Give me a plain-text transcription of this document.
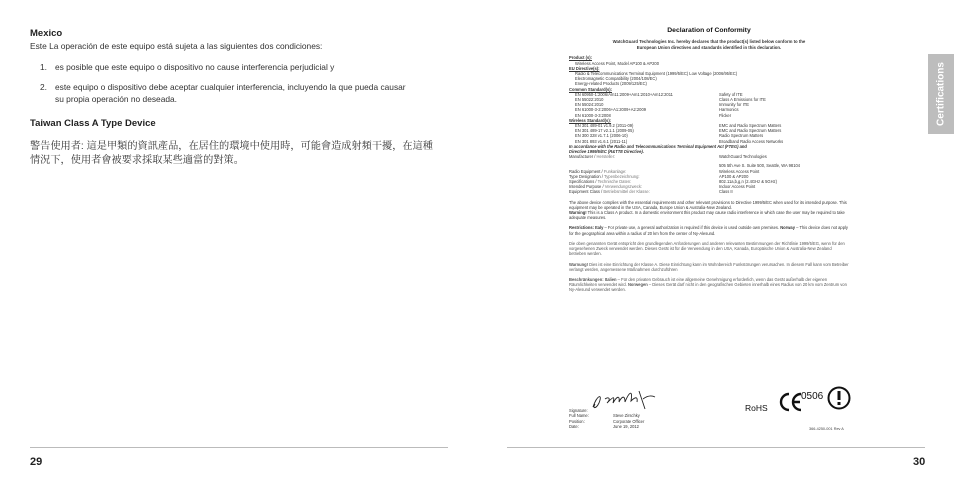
Mexico
Este La operación de este equipo está sujeta a las siguientes dos condiciones:
1. es posible que este equipo o dispositivo no cause interferencia perjudicial y
2. este equipo o dispositivo debe aceptar cualquier interferencia, incluyendo la que pueda causar
su propia operación no deseada.
Taiwan Class A Type Device
警告使用者: 這是甲類的資訊產品，在居住的環境中使用時，可能會造成射頻干擾，在這種
情況下，使用者會被要求採取某些適當的對策。
29
Certifications
Declaration of Conformity
WatchGuard Technologies Inc. hereby declares that the product(s) listed below conform to the
European Union directives and standards identified in this declaration.
Product (s):
Wireless Access Point, Model AP100 & AP200
EU Directive(s):
Radio & Telecommunications Terminal Equipment (1999/5/EC) Low Voltage (2006/95/EC)
Electromagnetic Compatibility (2004/108/EC)
Energy-related Products (2009/125/EC)
Common Standard(s):
EN 60950-1:2006/Am11:2009+Am1:2010+Am12:2011	Safety of ITE
EN 55022:2010	Class A Emissions for ITE
EN 55024:2010	Immunity for ITE
EN 61000-3-2:2006+A1:2009+A2:2009	Harmonics
EN 61000-3-3:2008	Flicker
Wireless Standard(s):
EN 301 489-01 v1.9.2 (2011-09)	EMC and Radio Spectrum Matters
EN 301 489-17 v2.1.1 (2009-05)	EMC and Radio Spectrum Matters
EN 300 328 v1.7.1 (2006-10)	Radio Spectrum Matters
EN 301 893 v1.6.1 (2011-11)	Broadband Radio Access Networks
In accordance with the Radio and Telecommunications Terminal Equipment Act (FTEG) and
Directive 1999/5/EC (R&TTE Directive).
Manufacturer / Hersteller:	WatchGuard Technologies
505 5th Ave S. Suite 500, Seattle, WA 98104
Radio Equipment / Funkanlage:	Wireless Access Point
Type Designation / Typenbezeichnung:	AP100 & AP200
Specifications / Technische Daten:	802.11a,b,g,n (2.4GHz & 5GHz)
Intended Purpose / Verwendungszweck:	Indoor Access Point
Equipment Class / Betriebsmittel der Klasse:	Class II
The above device complies with the essential requirements and other relevant provisions to Directive 1999/5/EC when used for its intended purpose. This equipment may be operated in the USA, Canada, Europe Union & Australia-New Zealand.
Warning! This is a Class A product. In a domestic environment this product may cause radio interference in which case the user may be required to take adequate measures.
Restrictions: Italy – For private use, a general authorization is required if this device is used outside own premises. Norway – This device does not apply for the geographical area within a radius of 20 km from the center of Ny-Alesund.
Die oben genannten Gerät entspricht den grundlegenden Anforderungen und anderen relevanten Bestimmungen der Richtlinie 1999/5/EG, wenn für den vorgesehenen Zweck verwendet werden. Dieses Gerät ist für die Verwendung in den USA, Kanada, Europäische Union & Australia-New Zealand betrieben werden.
Warnung! Dies ist eine Einrichtung der Klasse A. Diese Einrichtung kann im Wohnbereich Funkstörungen verursachen. In diesem Fall kann vom Betreiber verlangt werden, angemessene Maßnahmen durchzuführen
Beschränkungen: Italien – Für den privaten Gebrauch ist eine allgemeine Genehmigung erforderlich, wenn das Gerät außerhalb der eigenen Räumlichkeiten verwendet wird. Norwegen – Dieses Gerät darf nicht in den geografischen Gebieten innerhalb eines Radius von 20 km vom Zentrum von Ny-Alesund verwendet werden.
RoHS
0506
Signature:
Full Name:	Steve Zirschky
Position:	Corporate Officer
Date:	June 19, 2012	366-4250-001 Rev A
30
